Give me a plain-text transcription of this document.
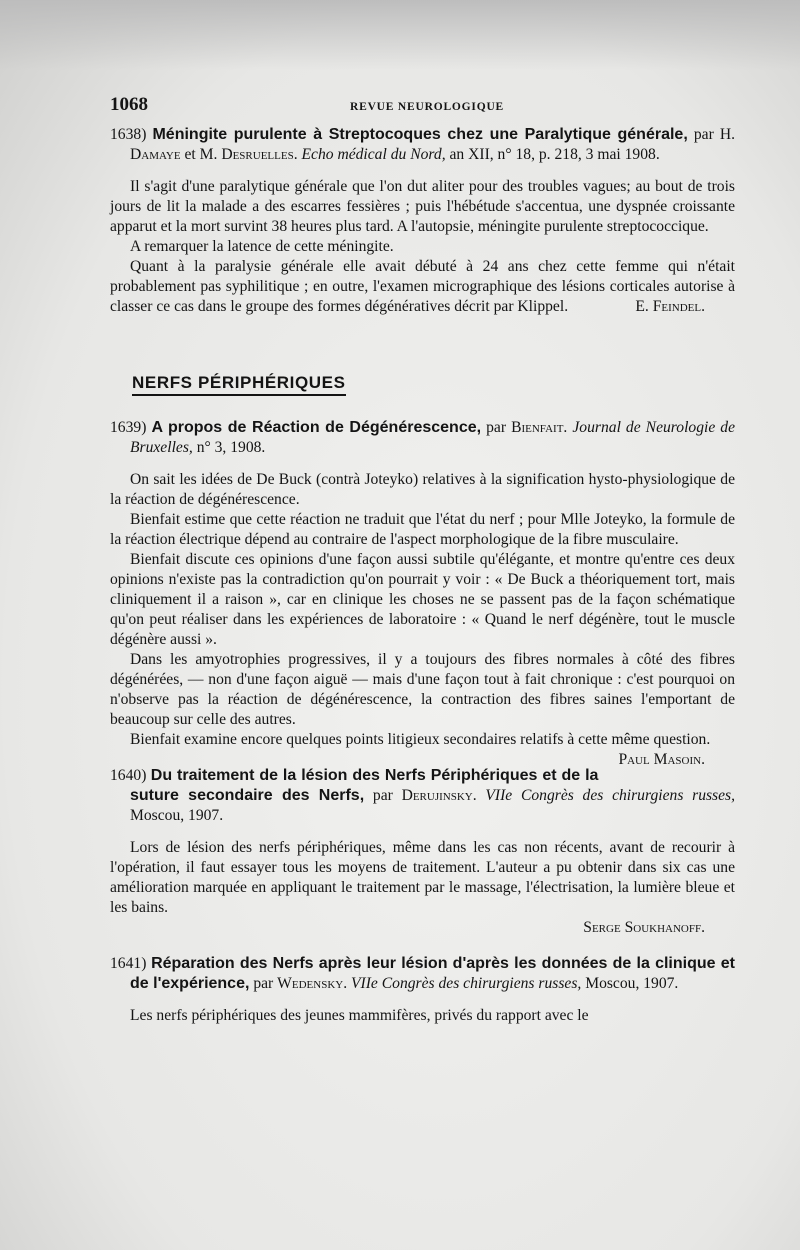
1068	REVUE NEUROLOGIQUE

1638) Méningite purulente à Streptocoques chez une Paralytique générale, par H. Damaye et M. Desruelles. Echo médical du Nord, an XII, n° 18, p. 218, 3 mai 1908.

Il s'agit d'une paralytique générale que l'on dut aliter pour des troubles vagues; au bout de trois jours de lit la malade a des escarres fessières ; puis l'hébétude s'accentua, une dyspnée croissante apparut et la mort survint 38 heures plus tard. A l'autopsie, méningite purulente streptococcique.

A remarquer la latence de cette méningite.

Quant à la paralysie générale elle avait débuté à 24 ans chez cette femme qui n'était probablement pas syphilitique ; en outre, l'examen micrographique des lésions corticales autorise à classer ce cas dans le groupe des formes dégénératives décrit par Klippel.	E. Feindel.

NERFS PÉRIPHÉRIQUES

1639) A propos de Réaction de Dégénérescence, par Bienfait. Journal de Neurologie de Bruxelles, n° 3, 1908.

On sait les idées de De Buck (contrà Joteyko) relatives à la signification hysto-physiologique de la réaction de dégénérescence.

Bienfait estime que cette réaction ne traduit que l'état du nerf ; pour Mlle Joteyko, la formule de la réaction électrique dépend au contraire de l'aspect morphologique de la fibre musculaire.

Bienfait discute ces opinions d'une façon aussi subtile qu'élégante, et montre qu'entre ces deux opinions n'existe pas la contradiction qu'on pourrait y voir : « De Buck a théoriquement tort, mais cliniquement il a raison », car en clinique les choses ne se passent pas de la façon schématique qu'on peut réaliser dans les expériences de laboratoire : « Quand le nerf dégénère, tout le muscle dégénère aussi ».

Dans les amyotrophies progressives, il y a toujours des fibres normales à côté des fibres dégénérées, — non d'une façon aiguë — mais d'une façon tout à fait chronique : c'est pourquoi on n'observe pas la réaction de dégénérescence, la contraction des fibres saines l'emportant de beaucoup sur celle des autres.

Bienfait examine encore quelques points litigieux secondaires relatifs à cette même question.
Paul Masoin.

1640) Du traitement de la lésion des Nerfs Périphériques et de la suture secondaire des Nerfs, par Derujinsky. VIIe Congrès des chirurgiens russes, Moscou, 1907.

Lors de lésion des nerfs périphériques, même dans les cas non récents, avant de recourir à l'opération, il faut essayer tous les moyens de traitement. L'auteur a pu obtenir dans six cas une amélioration marquée en appliquant le traitement par le massage, l'électrisation, la lumière bleue et les bains.

Serge Soukhanoff.

1641) Réparation des Nerfs après leur lésion d'après les données de la clinique et de l'expérience, par Wedensky. VIIe Congrès des chirurgiens russes, Moscou, 1907.

Les nerfs périphériques des jeunes mammifères, privés du rapport avec le
